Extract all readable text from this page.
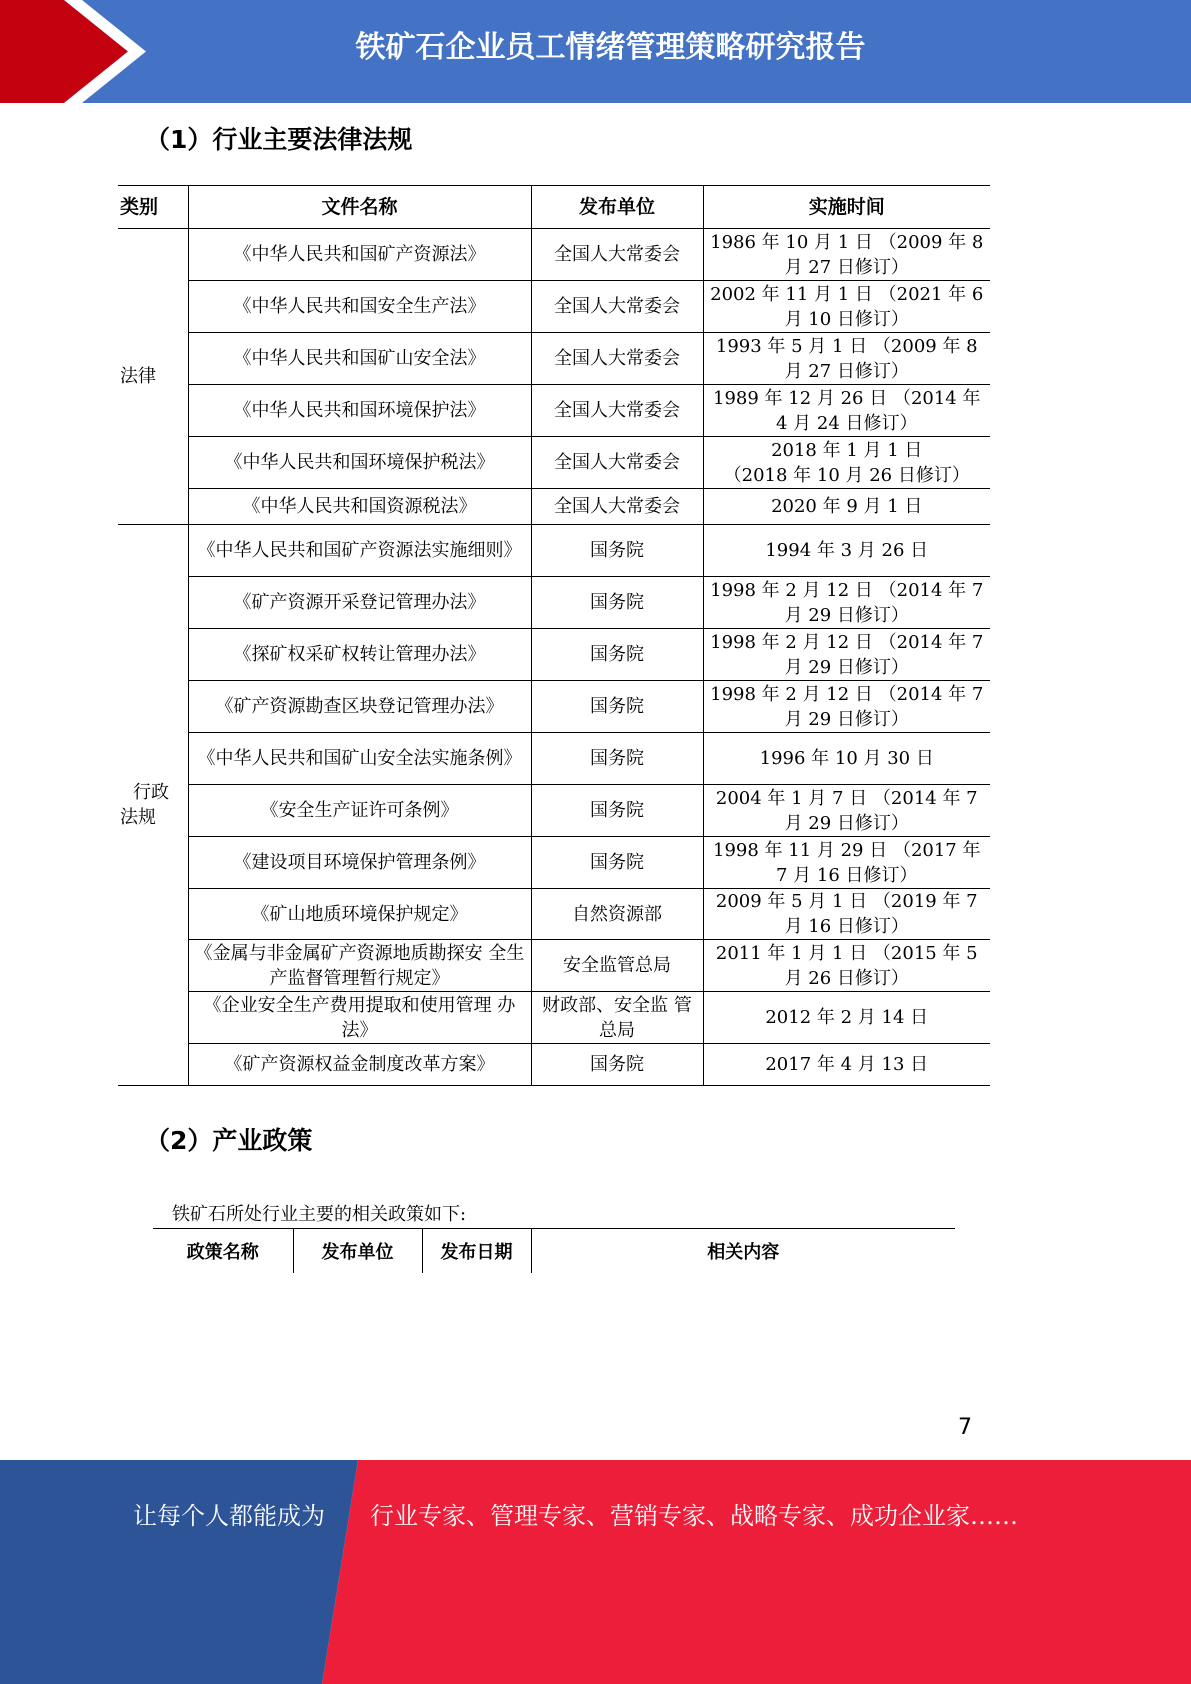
铁矿石企业员工情绪管理策略研究报告
（1）行业主要法律法规
类别	文件名称	发布单位	实施时间
法律	《中华人民共和国矿产资源法》	全国人大常委会	1986 年 10 月 1 日 （2009 年 8 月 27 日修订）
	《中华人民共和国安全生产法》	全国人大常委会	2002 年 11 月 1 日 （2021 年 6 月 10 日修订）
	《中华人民共和国矿山安全法》	全国人大常委会	1993 年 5 月 1 日 （2009 年 8 月 27 日修订）
	《中华人民共和国环境保护法》	全国人大常委会	1989 年 12 月 26 日 （2014 年 4 月 24 日修订）
	《中华人民共和国环境保护税法》	全国人大常委会	2018 年 1 月 1 日
（2018 年 10 月 26 日修订）
	《中华人民共和国资源税法》	全国人大常委会	2020 年 9 月 1 日
行政法规	《中华人民共和国矿产资源法实施细则》	国务院	1994 年 3 月 26 日
	《矿产资源开采登记管理办法》	国务院	1998 年 2 月 12 日 （2014 年 7 月 29 日修订）
	《探矿权采矿权转让管理办法》	国务院	1998 年 2 月 12 日 （2014 年 7 月 29 日修订）
	《矿产资源勘查区块登记管理办法》	国务院	1998 年 2 月 12 日 （2014 年 7 月 29 日修订）
	《中华人民共和国矿山安全法实施条例》	国务院	1996 年 10 月 30 日
	《安全生产证许可条例》	国务院	2004 年 1 月 7 日 （2014 年 7 月 29 日修订）
	《建设项目环境保护管理条例》	国务院	1998 年 11 月 29 日 （2017 年 7 月 16 日修订）
	《矿山地质环境保护规定》	自然资源部	2009 年 5 月 1 日 （2019 年 7 月 16 日修订）
	《金属与非金属矿产资源地质勘探安 全生产监督管理暂行规定》	安全监管总局	2011 年 1 月 1 日 （2015 年 5 月 26 日修订）
	《企业安全生产费用提取和使用管理 办法》	财政部、安全监 管总局	2012 年 2 月 14 日
	《矿产资源权益金制度改革方案》	国务院	2017 年 4 月 13 日
（2）产业政策
铁矿石所处行业主要的相关政策如下:
政策名称	发布单位	发布日期	相关内容
7
让每个人都能成为 行业专家、管理专家、营销专家、战略专家、成功企业家……
